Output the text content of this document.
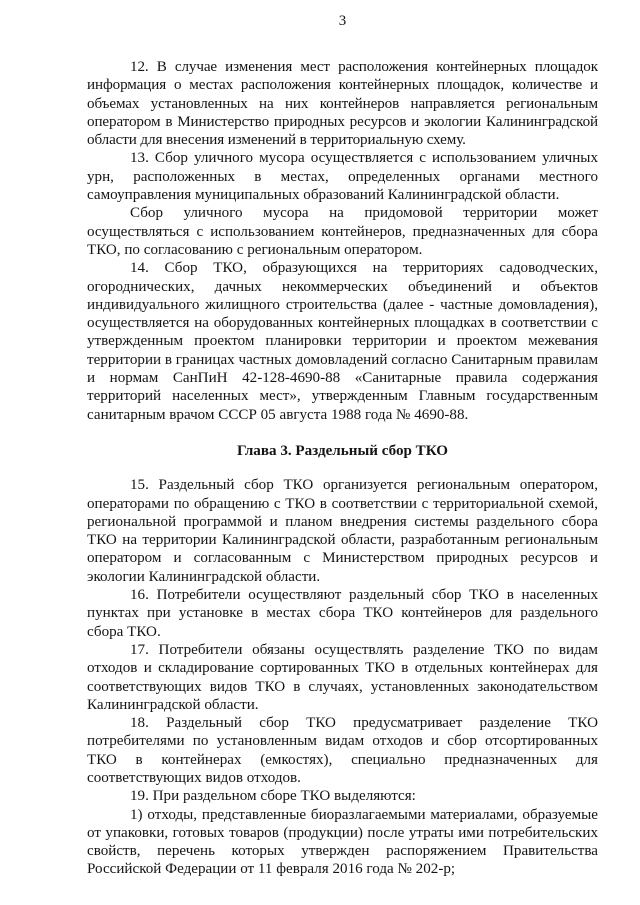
3

12. В случае изменения мест расположения контейнерных площадок информация о местах расположения контейнерных площадок, количестве и объемах установленных на них контейнеров направляется региональным оператором в Министерство природных ресурсов и экологии Калининградской области для внесения изменений в территориальную схему.

13. Сбор уличного мусора осуществляется с использованием уличных урн, расположенных в местах, определенных органами местного самоуправления муниципальных образований Калининградской области.

Сбор уличного мусора на придомовой территории может осуществляться с использованием контейнеров, предназначенных для сбора ТКО, по согласованию с региональным оператором.

14. Сбор ТКО, образующихся на территориях садоводческих, огороднических, дачных некоммерческих объединений и объектов индивидуального жилищного строительства (далее - частные домовладения), осуществляется на оборудованных контейнерных площадках в соответствии с утвержденным проектом планировки территории и проектом межевания территории в границах частных домовладений согласно Санитарным правилам и нормам СанПиН 42-128-4690-88 «Санитарные правила содержания территорий населенных мест», утвержденным Главным государственным санитарным врачом СССР 05 августа 1988 года № 4690-88.

Глава 3. Раздельный сбор ТКО

15. Раздельный сбор ТКО организуется региональным оператором, операторами по обращению с ТКО в соответствии с территориальной схемой, региональной программой и планом внедрения системы раздельного сбора ТКО на территории Калининградской области, разработанным региональным оператором и согласованным с Министерством природных ресурсов и экологии Калининградской области.

16. Потребители осуществляют раздельный сбор ТКО в населенных пунктах при установке в местах сбора ТКО контейнеров для раздельного сбора ТКО.

17. Потребители обязаны осуществлять разделение ТКО по видам отходов и складирование сортированных ТКО в отдельных контейнерах для соответствующих видов ТКО в случаях, установленных законодательством Калининградской области.

18. Раздельный сбор ТКО предусматривает разделение ТКО потребителями по установленным видам отходов и сбор отсортированных ТКО в контейнерах (емкостях), специально предназначенных для соответствующих видов отходов.

19. При раздельном сборе ТКО выделяются:

1) отходы, представленные биоразлагаемыми материалами, образуемые от упаковки, готовых товаров (продукции) после утраты ими потребительских свойств, перечень которых утвержден распоряжением Правительства Российской Федерации от 11 февраля 2016 года № 202-р;
